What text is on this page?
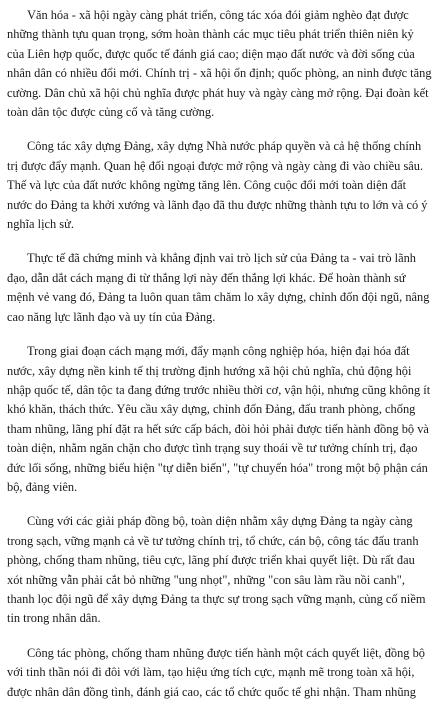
Văn hóa - xã hội ngày càng phát triển, công tác xóa đói giảm nghèo đạt được
những thành tựu quan trọng, sớm hoàn thành các mục tiêu phát triển thiên niên kỷ
của Liên hợp quốc, được quốc tế đánh giá cao; diện mạo đất nước và đời sống của
nhân dân có nhiều đổi mới. Chính trị - xã hội ổn định; quốc phòng, an ninh được tăng
cường. Dân chủ xã hội chủ nghĩa được phát huy và ngày càng mở rộng. Đại đoàn kết
toàn dân tộc được củng cố và tăng cường.

Công tác xây dựng Đảng, xây dựng Nhà nước pháp quyền và cả hệ thống chính
trị được đẩy mạnh. Quan hệ đối ngoại được mở rộng và ngày càng đi vào chiều sâu.
Thế và lực của đất nước không ngừng tăng lên. Công cuộc đổi mới toàn diện đất
nước do Đảng ta khởi xướng và lãnh đạo đã thu được những thành tựu to lớn và có ý
nghĩa lịch sử.

Thực tế đã chứng minh và khẳng định vai trò lịch sử của Đảng ta - vai trò lãnh
đạo, dẫn dắt cách mạng đi từ thắng lợi này đến thắng lợi khác. Để hoàn thành sứ
mệnh vẻ vang đó, Đảng ta luôn quan tâm chăm lo xây dựng, chỉnh đốn đội ngũ, nâng
cao năng lực lãnh đạo và uy tín của Đảng.

Trong giai đoạn cách mạng mới, đẩy mạnh công nghiệp hóa, hiện đại hóa đất
nước, xây dựng nền kinh tế thị trường định hướng xã hội chủ nghĩa, chủ động hội
nhập quốc tế, dân tộc ta đang đứng trước nhiều thời cơ, vận hội, nhưng cũng không ít
khó khăn, thách thức. Yêu cầu xây dựng, chỉnh đốn Đảng, đấu tranh phòng, chống
tham nhũng, lãng phí đặt ra hết sức cấp bách, đòi hỏi phải được tiến hành đồng bộ và
toàn diện, nhằm ngăn chặn cho được tình trạng suy thoái về tư tưởng chính trị, đạo
đức lối sống, những biểu hiện "tự diễn biến", "tự chuyển hóa" trong một bộ phận cán
bộ, đảng viên.

Cùng với các giải pháp đồng bộ, toàn diện nhằm xây dựng Đảng ta ngày càng
trong sạch, vững mạnh cả về tư tưởng chính trị, tổ chức, cán bộ, công tác đấu tranh
phòng, chống tham nhũng, tiêu cực, lãng phí được triển khai quyết liệt. Dù rất đau
xót những vẫn phải cắt bỏ những "ung nhọt", những "con sâu làm rầu nồi canh",
thanh lọc đội ngũ để xây dựng Đảng ta thực sự trong sạch vững mạnh, củng cố niềm
tin trong nhân dân.

Công tác phòng, chống tham nhũng được tiến hành một cách quyết liệt, đồng bộ
với tinh thần nói đi đôi với làm, tạo hiệu ứng tích cực, mạnh mẽ trong toàn xã hội,
được nhân dân đồng tình, đánh giá cao, các tổ chức quốc tế ghi nhận. Tham nhũng
